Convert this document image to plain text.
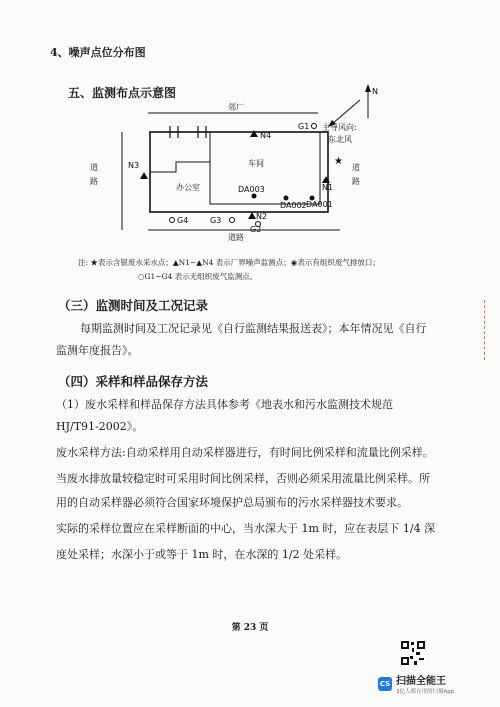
4、噪声点位分布图
五、监测布点示意图	N
主导风向:
东北风
邻厂
办公室
车间
道
路
道
路
道路
N4
N3
N1
N2
★
G1
G2
G3
G4
DA003
DA002 DA001
注: ★表示含银废水采水点；▲N1~▲N4 表示厂界噪声监测点；◉表示有组织废气排放口；
○G1~G4 表示无组织废气监测点。
（三）监测时间及工况记录
每期监测时间及工况记录见《自行监测结果报送表》；本年情况见《自行
监测年度报告》。
（四）采样和样品保存方法
（1）废水采样和样品保存方法具体参考《地表水和污水监测技术规范
HJ/T91-2002》。
废水采样方法:自动采样用自动采样器进行，有时间比例采样和流量比例采样。
当废水排放量较稳定时可采用时间比例采样，否则必须采用流量比例采样。所
用的自动采样器必须符合国家环境保护总局颁布的污水采样器技术要求。
实际的采样位置应在采样断面的中心，当水深大于 1m 时，应在表层下 1/4 深
度处采样；水深小于或等于 1m 时，在水深的 1/2 处采样。
第 23 页
CS 扫描全能王
3亿人都在用的扫描App
